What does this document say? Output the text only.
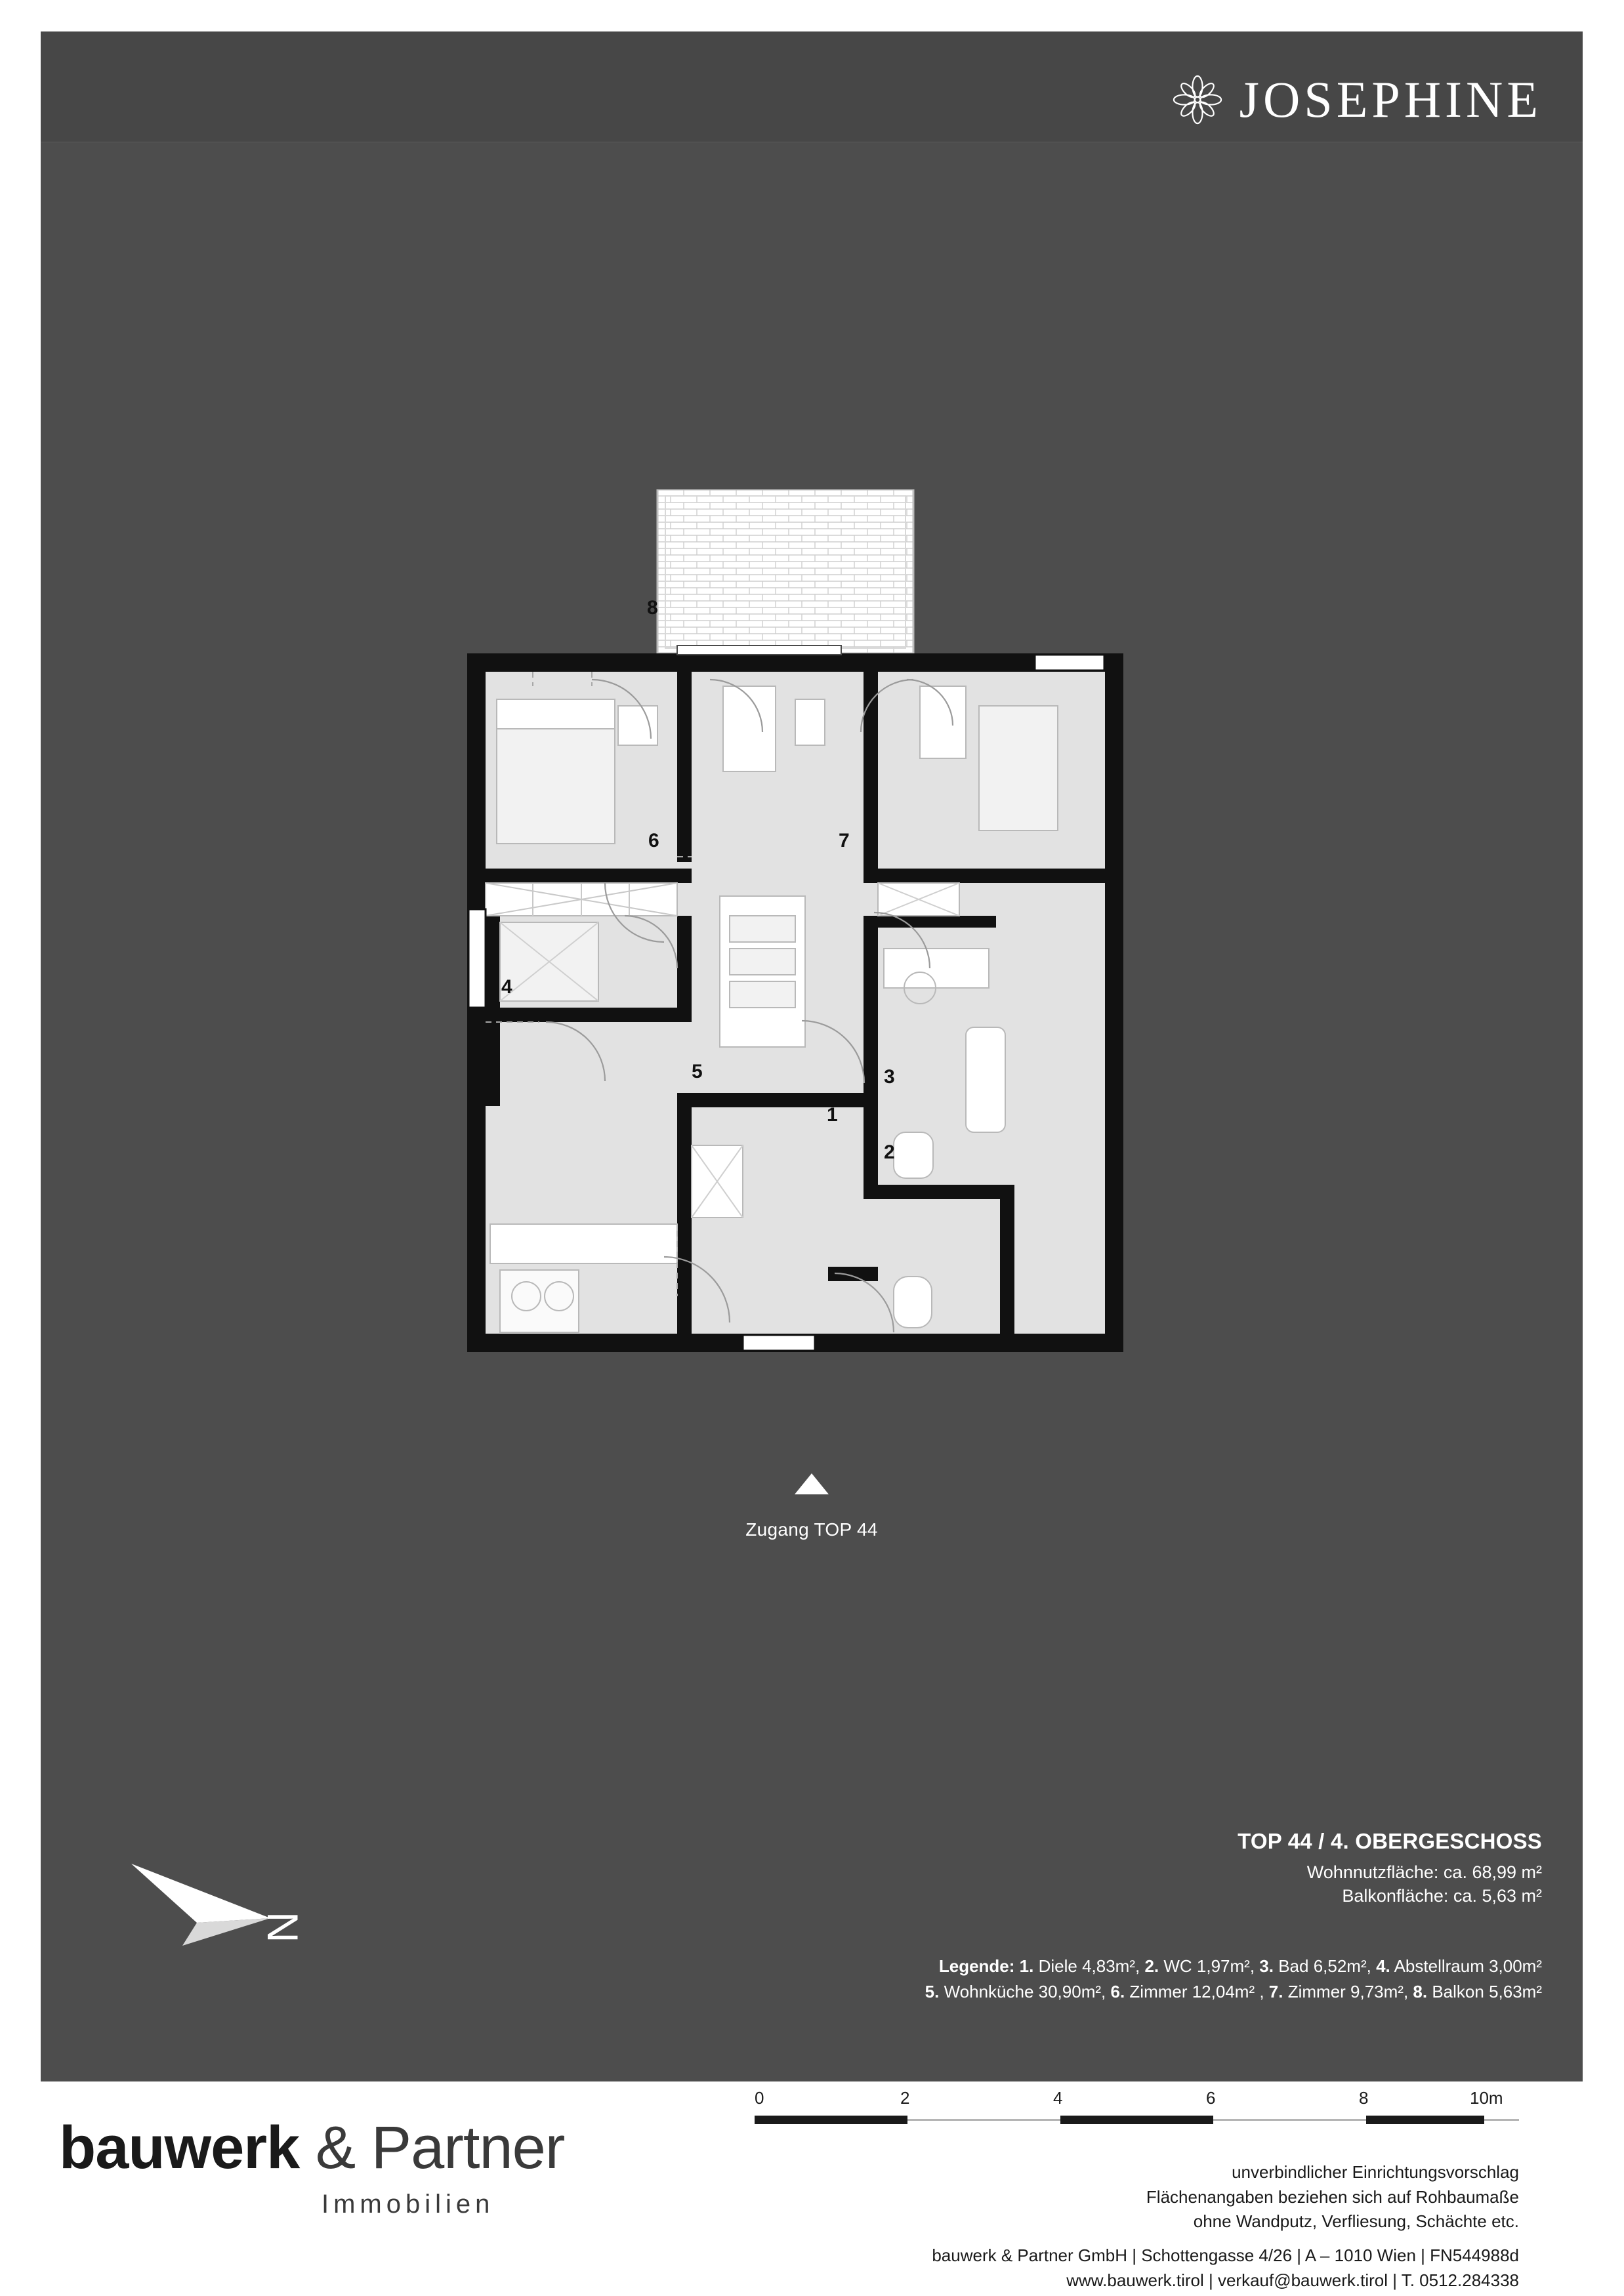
JOSEPHINE
8
6	7
4
5	3
1
2
Zugang TOP 44
N
TOP 44 / 4. OBERGESCHOSS
Wohnnutzfläche: ca. 68,99 m²
Balkonfläche: ca. 5,63 m²
Legende: 1. Diele 4,83m², 2. WC 1,97m², 3. Bad 6,52m², 4. Abstellraum 3,00m²
5. Wohnküche 30,90m², 6. Zimmer 12,04m² , 7. Zimmer 9,73m², 8. Balkon 5,63m²
bauwerk & Partner
Immobilien
0	2	4	6	8	10m
unverbindlicher Einrichtungsvorschlag
Flächenangaben beziehen sich auf Rohbaumaße
ohne Wandputz, Verfliesung, Schächte etc.
bauwerk & Partner GmbH | Schottengasse 4/26 | A – 1010 Wien | FN544988d
www.bauwerk.tirol | verkauf@bauwerk.tirol | T. 0512.284338
